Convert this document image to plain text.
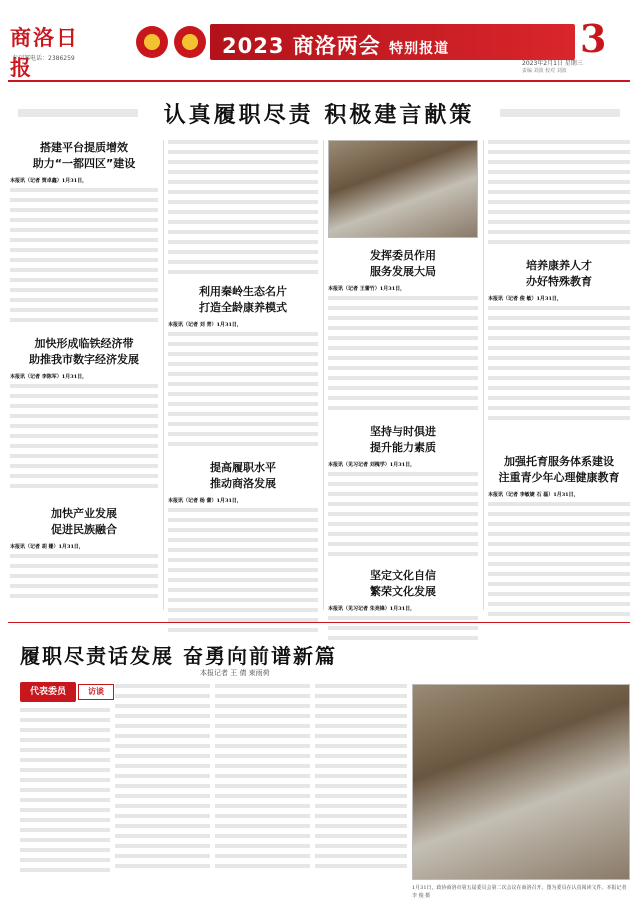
商洛日报
专刊部电话：2386259
2023 商洛两会 特别报道	3
2023年2月1日 星期三
责编 刘波 校对 刘波
认真履职尽责 积极建言献策
搭建平台提质增效
助力“一都四区”建设
本报讯（记者 贾卓鑫）1月31日，
加快形成临铁经济带
助推我市数字经济发展
本报讯（记者 李陈军）1月31日，
加快产业发展
促进民族融合
本报讯（记者 胡 姗）1月31日，
利用秦岭生态名片
打造全龄康养模式
本报讯（记者 刘 青）1月31日，
提高履职水平
推动商洛发展
本报讯（记者 杨 蕾）1月31日，
发挥委员作用
服务发展大局
本报讯（记者 王蕾竹）1月31日，
坚持与时俱进
提升能力素质
本报讯（见习记者 刘槐学）1月31日，
坚定文化自信
繁荣文化发展
本报讯（见习记者 朱亮锋）1月31日，
培养康养人才
办好特殊教育
本报讯（记者 俊 敏）1月31日，
加强托育服务体系建设
注重青少年心理健康教育
本报讯（记者 李敏婕 石 磊）1月31日，
履职尽责话发展 奋勇向前谱新篇
本报记者 王 倩 束雨荷
代表委员	访谈
1月31日，政协商洛市第五届委员会第二次会议在商洛召开。图为委员在认真阅读文件。本报记者 李 俊 摄
